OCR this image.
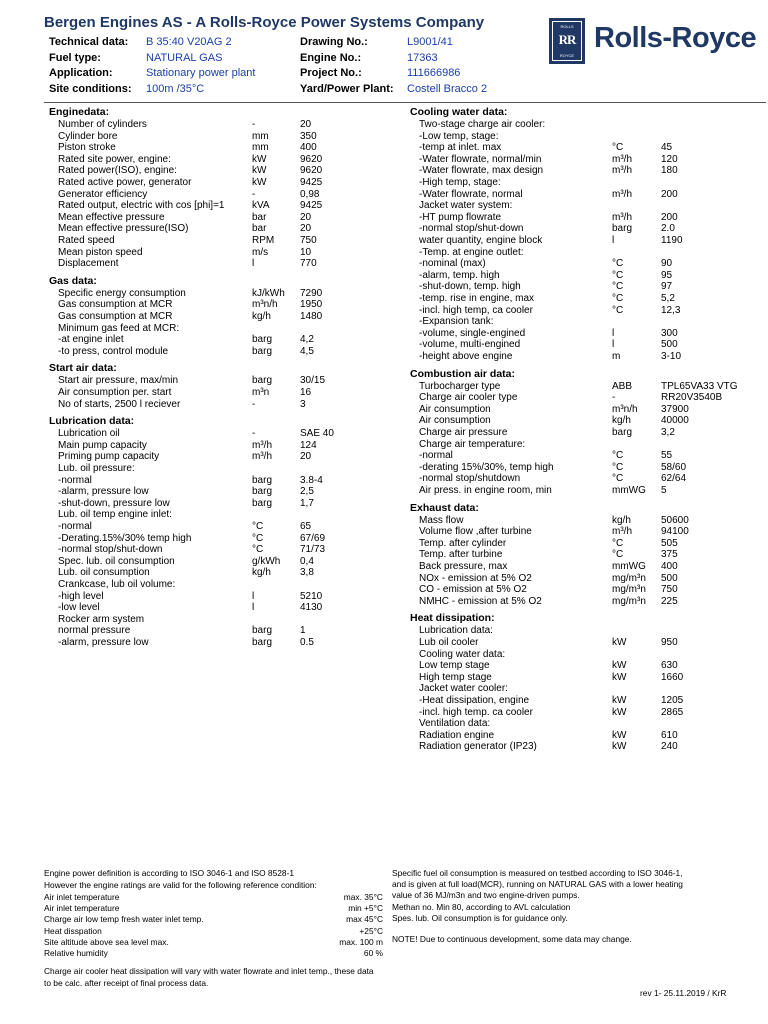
Bergen Engines AS - A Rolls-Royce Power Systems Company
Technical data: B 35:40 V20AG 2	Drawing No.:	L9001/41
Fuel type:	NATURAL GAS	Engine No.:	17363
Application:	Stationary power plant	Project No.:	111666986
Site conditions: 100m /35°C	Yard/Power Plant: Costell Bracco 2
ROLLS
RR
ROYCE
Rolls-Royce
Enginedata:
Number of cylinders	-	20
Cylinder bore	mm	350
Piston stroke	mm	400
Rated site power, engine:	kW	9620
Rated power(ISO), engine:	kW	9620
Rated active power, generator	kW	9425
Generator efficiency	-	0,98
Rated output, electric with cos [phi]=1	kVA	9425
Mean effective pressure	bar	20
Mean effective pressure(ISO)	bar	20
Rated speed	RPM	750
Mean piston speed	m/s	10
Displacement	l	770
Gas data:
Specific energy consumption	kJ/kWh 7290
Gas consumption at MCR	m³n/h 1950
Gas consumption at MCR	kg/h	1480
Minimum gas feed at MCR:
-at engine inlet	barg	4,2
-to press, control module	barg	4,5
Start air data:
Start air pressure, max/min	barg	30/15
Air consumption per. start	m³n	16
No of starts, 2500 l reciever	-	3
Lubrication data:
Lubrication oil	-	SAE 40
Main pump capacity	m³/h	124
Priming pump capacity	m³/h	20
Lub. oil pressure:
-normal	barg	3.8-4
-alarm, pressure low	barg	2,5
-shut-down, pressure low	barg	1,7
Lub. oil temp engine inlet:
-normal	°C	65
-Derating.15%/30% temp high	°C	67/69
-normal stop/shut-down	°C	71/73
Spec. lub. oil consumption	g/kWh 0,4
Lub. oil consumption	kg/h	3,8
Crankcase, lub oil volume:
-high level	l	5210
-low level	l	4130
Rocker arm system
normal pressure	barg	1
-alarm, pressure low	barg	0.5
Cooling water data:
Two-stage charge air cooler:
-Low temp, stage:
-temp at inlet. max	°C	45
-Water flowrate, normal/min	m³/h	120
-Water flowrate, max design	m³/h	180
-High temp, stage:
-Water flowrate, normal	m³/h	200
Jacket water system:
-HT pump flowrate	m³/h	200
-normal stop/shut-down	barg	2.0
water quantity, engine block	l	1190
-Temp. at engine outlet:
-nominal (max)	°C	90
-alarm, temp. high	°C	95
-shut-down, temp. high	°C	97
-temp. rise in engine, max	°C	5,2
-incl. high temp, ca cooler	°C	12,3
-Expansion tank:
-volume, single-engined	l	300
-volume, multi-engined	l	500
-height above engine	m	3-10
Combustion air data:
Turbocharger type	ABB	TPL65VA33 VTG
Charge air cooler type	-	RR20V3540B
Air consumption	m³n/h 37900
Air consumption	kg/h	40000
Charge air pressure	barg	3,2
Charge air temperature:
-normal	°C	55
-derating 15%/30%, temp high	°C	58/60
-normal stop/shutdown	°C	62/64
Air press. in engine room, min	mmWG 5
Exhaust data:
Mass flow	kg/h	50600
Volume flow ,after turbine	m³/h	94100
Temp. after cylinder	°C	505
Temp. after turbine	°C	375
Back pressure, max	mmWG 400
NOx - emission at 5% O2	mg/m³n 500
CO - emission at 5% O2	mg/m³n 750
NMHC - emission at 5% O2	mg/m³n 225
Heat dissipation:
Lubrication data:
Lub oil cooler	kW	950
Cooling water data:
Low temp stage	kW	630
High temp stage	kW	1660
Jacket water cooler:
-Heat dissipation, engine	kW	1205
-incl. high temp. ca cooler	kW	2865
Ventilation data:
Radiation engine	kW	610
Radiation generator (IP23)	kW	240
Engine power definition is according to ISO 3046-1 and ISO 8528-1
However the engine ratings are valid for the following reference condition:
Air inlet temperature	max. 35°C
Air inlet temperature	min +5°C
Charge air low temp fresh water inlet temp.	max 45°C
Heat disspation	+25°C
Site altitude above sea level max.	max. 100 m
Relative humidity	60 %
Charge air cooler heat dissipation will vary with water flowrate and inlet temp., these data
to be calc. after receipt of final process data.
Specific fuel oil consumption is measured on testbed according to ISO 3046-1,
and is given at full load(MCR), running on NATURAL GAS with a lower heating
value of 36 MJ/m3n and two engine-driven pumps.
Methan no. Min 80, according to AVL calculation
Spes. lub. Oil consumption is for guidance only.
NOTE! Due to continuous development, some data may change.
rev 1- 25.11.2019 / KrR
